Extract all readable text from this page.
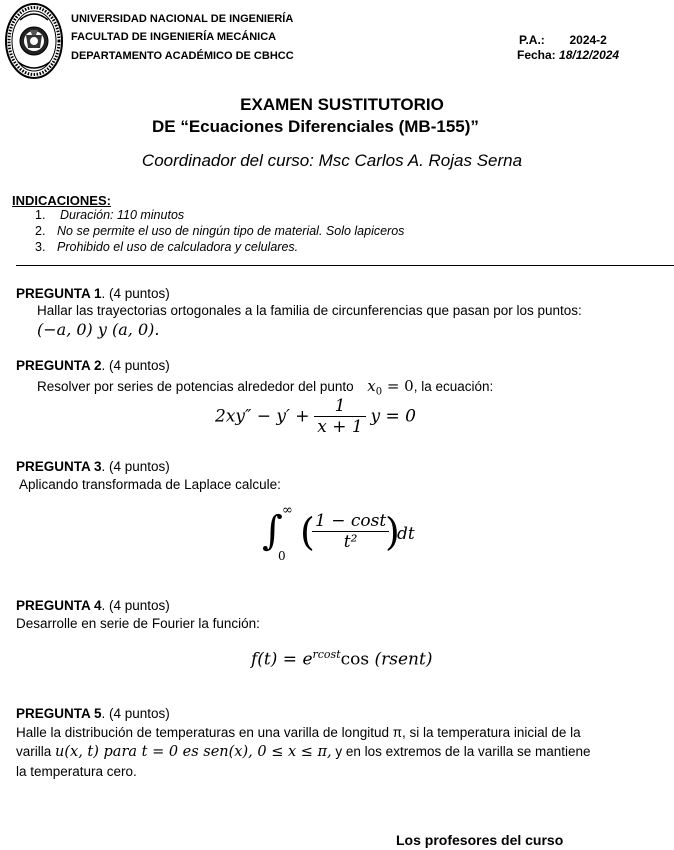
UNIVERSIDAD NACIONAL DE INGENIERÍA
FACULTAD DE INGENIERÍA MECÁNICA
DEPARTAMENTO ACADÉMICO DE CBHCC
P.A.: 2024-2
Fecha: 18/12/2024
EXAMEN SUSTITUTORIO
DE “Ecuaciones Diferenciales (MB-155)”
Coordinador del curso: Msc Carlos A. Rojas Serna
INDICACIONES:
1. Duración: 110 minutos
2. No se permite el uso de ningún tipo de material. Solo lapiceros
3. Prohibido el uso de calculadora y celulares.
PREGUNTA 1. (4 puntos)
Hallar las trayectorias ortogonales a la familia de circunferencias que pasan por los puntos:
(−a, 0) y (a, 0).
PREGUNTA 2. (4 puntos)
Resolver por series de potencias alrededor del punto $x_0 = 0$, la ecuación:
$2xy'' - y' + \frac{1}{x + 1}$ y = 0
PREGUNTA 3. (4 puntos)
Aplicando transformada de Laplace calcule:
∫ ∞
0
(
$\frac{1 - \cos t}{\text{t²}}$
)
dt
PREGUNTA 4. (4 puntos)
Desarrolle en serie de Fourier la función:
$f(t) = e^{rcost}\cos$ (rsent)
PREGUNTA 5. (4 puntos)
Halle la distribución de temperaturas en una varilla de longitud π, si la temperatura inicial de la
varilla u(x, t) para t = 0 es sen(x), 0 ≤ x ≤ π, y en los extremos de la varilla se mantiene
la temperatura cero.
Los profesores del curso
